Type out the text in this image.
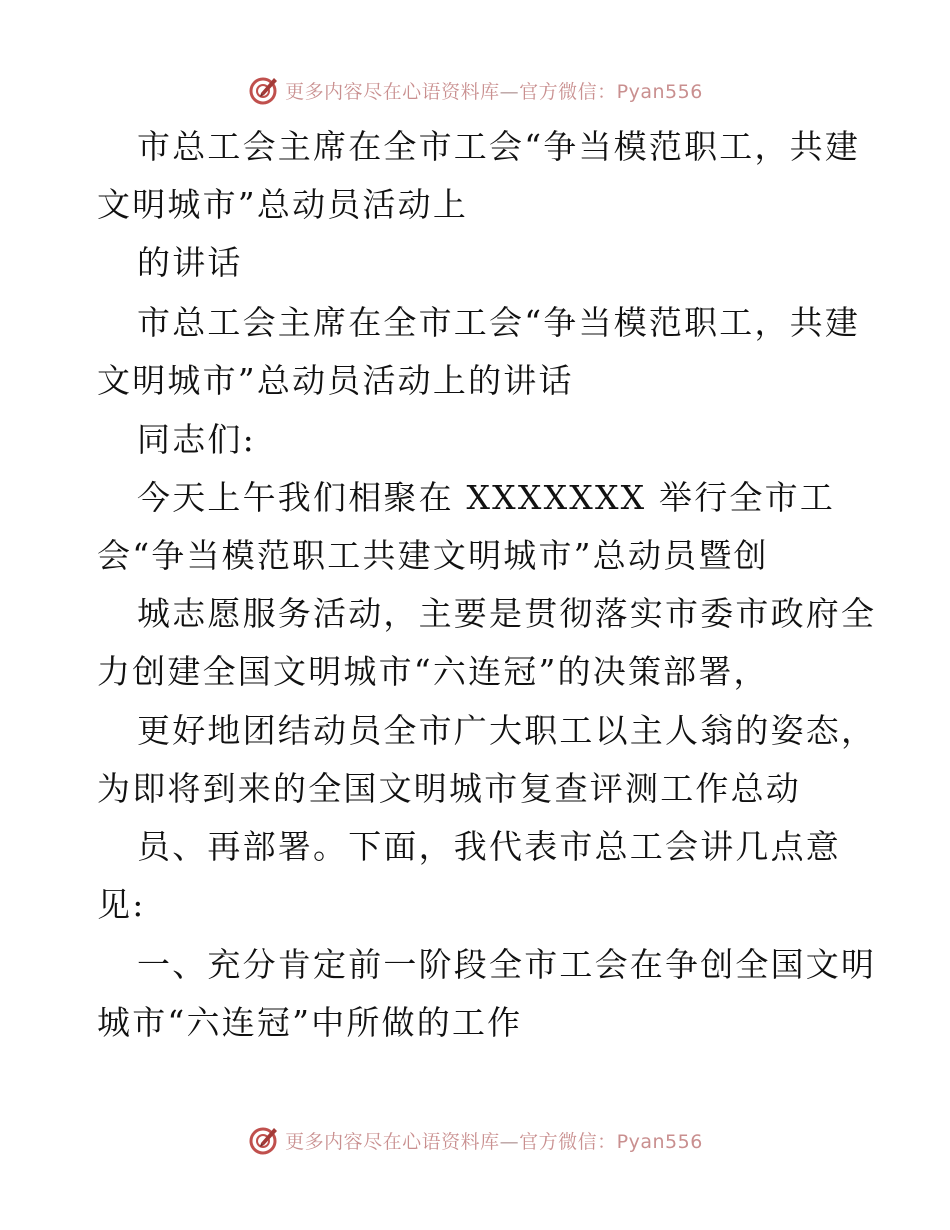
更多内容尽在心语资料库—官方微信：Pyan556
市总工会主席在全市工会“争当模范职工，共建
文明城市”总动员活动上
的讲话
市总工会主席在全市工会“争当模范职工，共建
文明城市”总动员活动上的讲话
同志们:
今天上午我们相聚在 XXXXXXX 举行全市工
会“争当模范职工共建文明城市”总动员暨创
城志愿服务活动，主要是贯彻落实市委市政府全
力创建全国文明城市“六连冠”的决策部署，
更好地团结动员全市广大职工以主人翁的姿态，
为即将到来的全国文明城市复查评测工作总动
员、再部署。下面，我代表市总工会讲几点意
见:
一、充分肯定前一阶段全市工会在争创全国文明
城市“六连冠”中所做的工作
更多内容尽在心语资料库—官方微信：Pyan556
